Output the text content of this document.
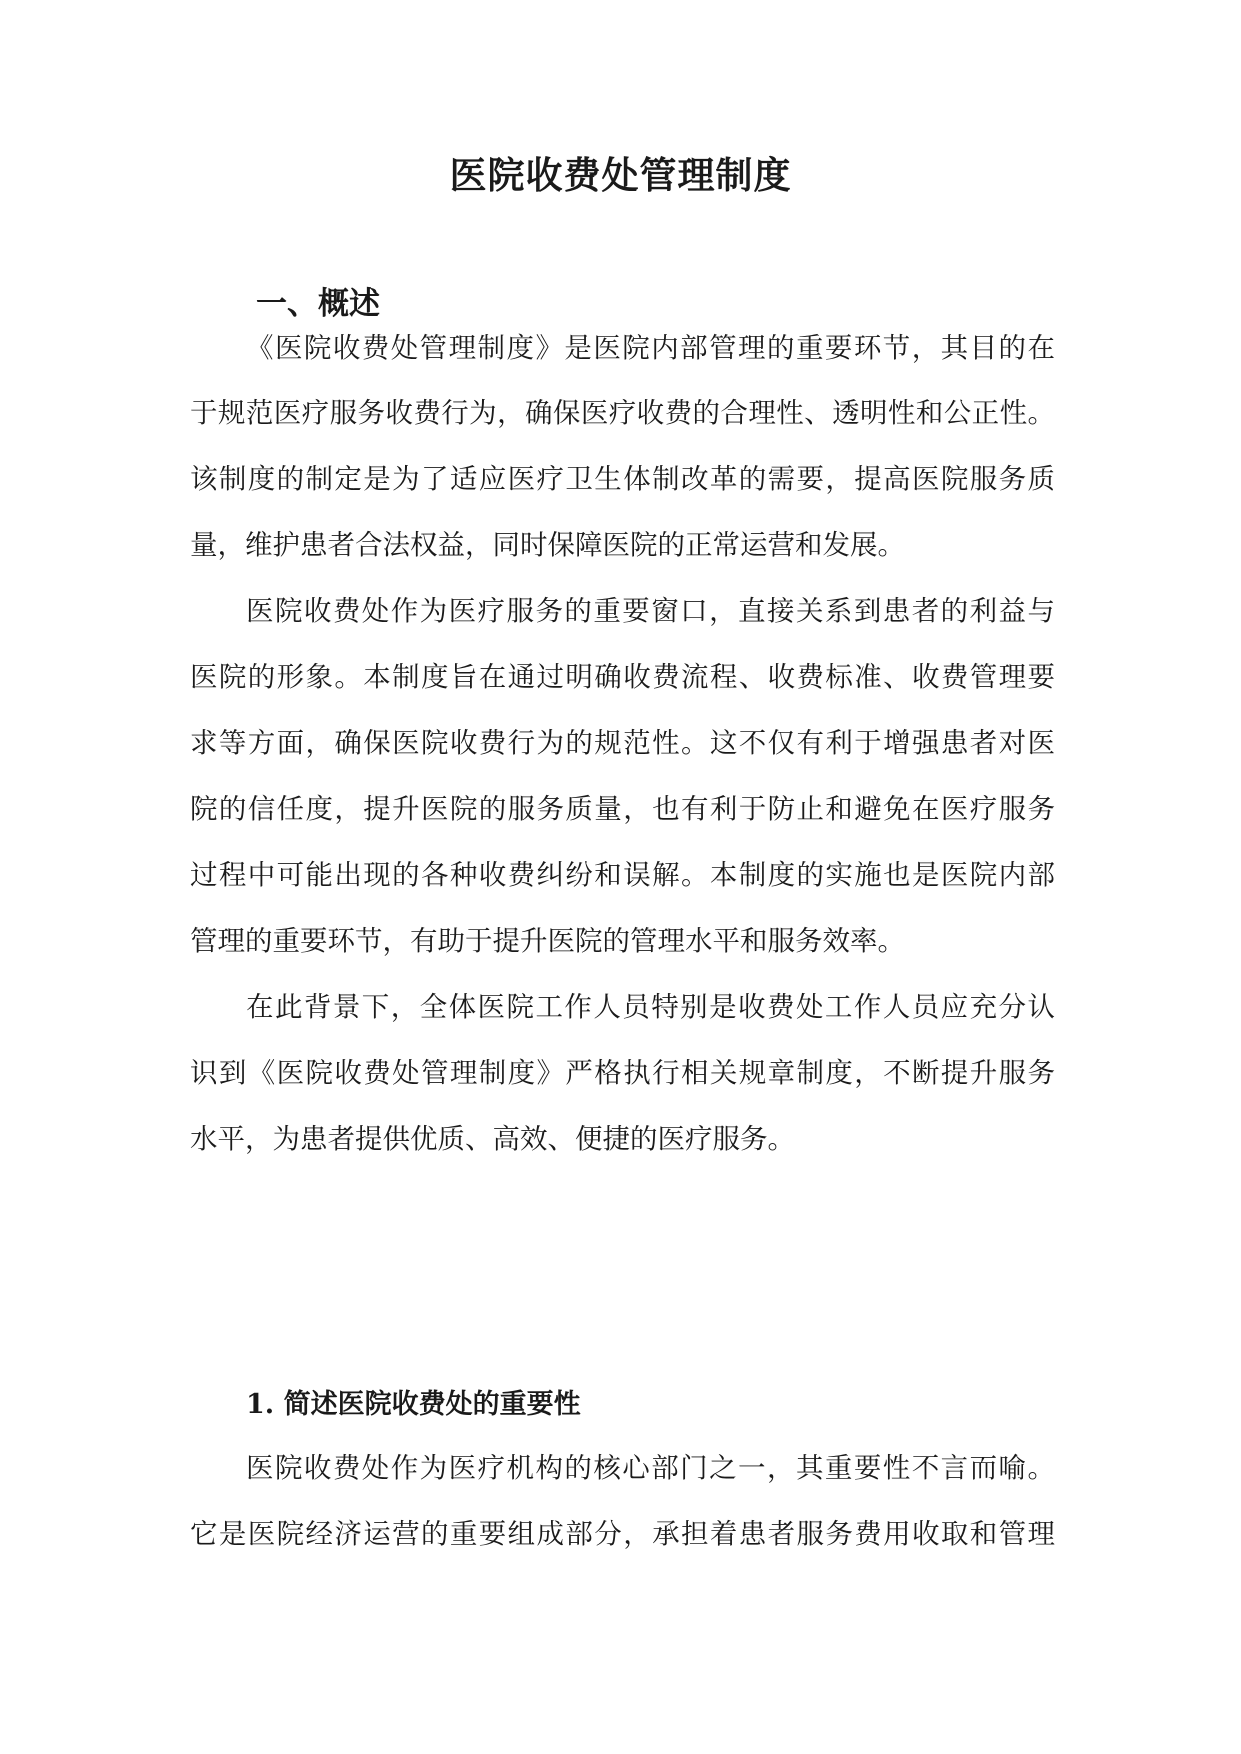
医院收费处管理制度
一、概述

《医院收费处管理制度》是医院内部管理的重要环节，其目的在

于规范医疗服务收费行为，确保医疗收费的合理性、透明性和公正性。

该制度的制定是为了适应医疗卫生体制改革的需要，提高医院服务质

量，维护患者合法权益，同时保障医院的正常运营和发展。

医院收费处作为医疗服务的重要窗口，直接关系到患者的利益与

医院的形象。本制度旨在通过明确收费流程、收费标准、收费管理要

求等方面，确保医院收费行为的规范性。这不仅有利于增强患者对医

院的信任度，提升医院的服务质量，也有利于防止和避免在医疗服务

过程中可能出现的各种收费纠纷和误解。本制度的实施也是医院内部

管理的重要环节，有助于提升医院的管理水平和服务效率。

在此背景下，全体医院工作人员特别是收费处工作人员应充分认

识到《医院收费处管理制度》严格执行相关规章制度，不断提升服务

水平，为患者提供优质、高效、便捷的医疗服务。

1. 简述医院收费处的重要性

医院收费处作为医疗机构的核心部门之一，其重要性不言而喻。

它是医院经济运营的重要组成部分，承担着患者服务费用收取和管理
